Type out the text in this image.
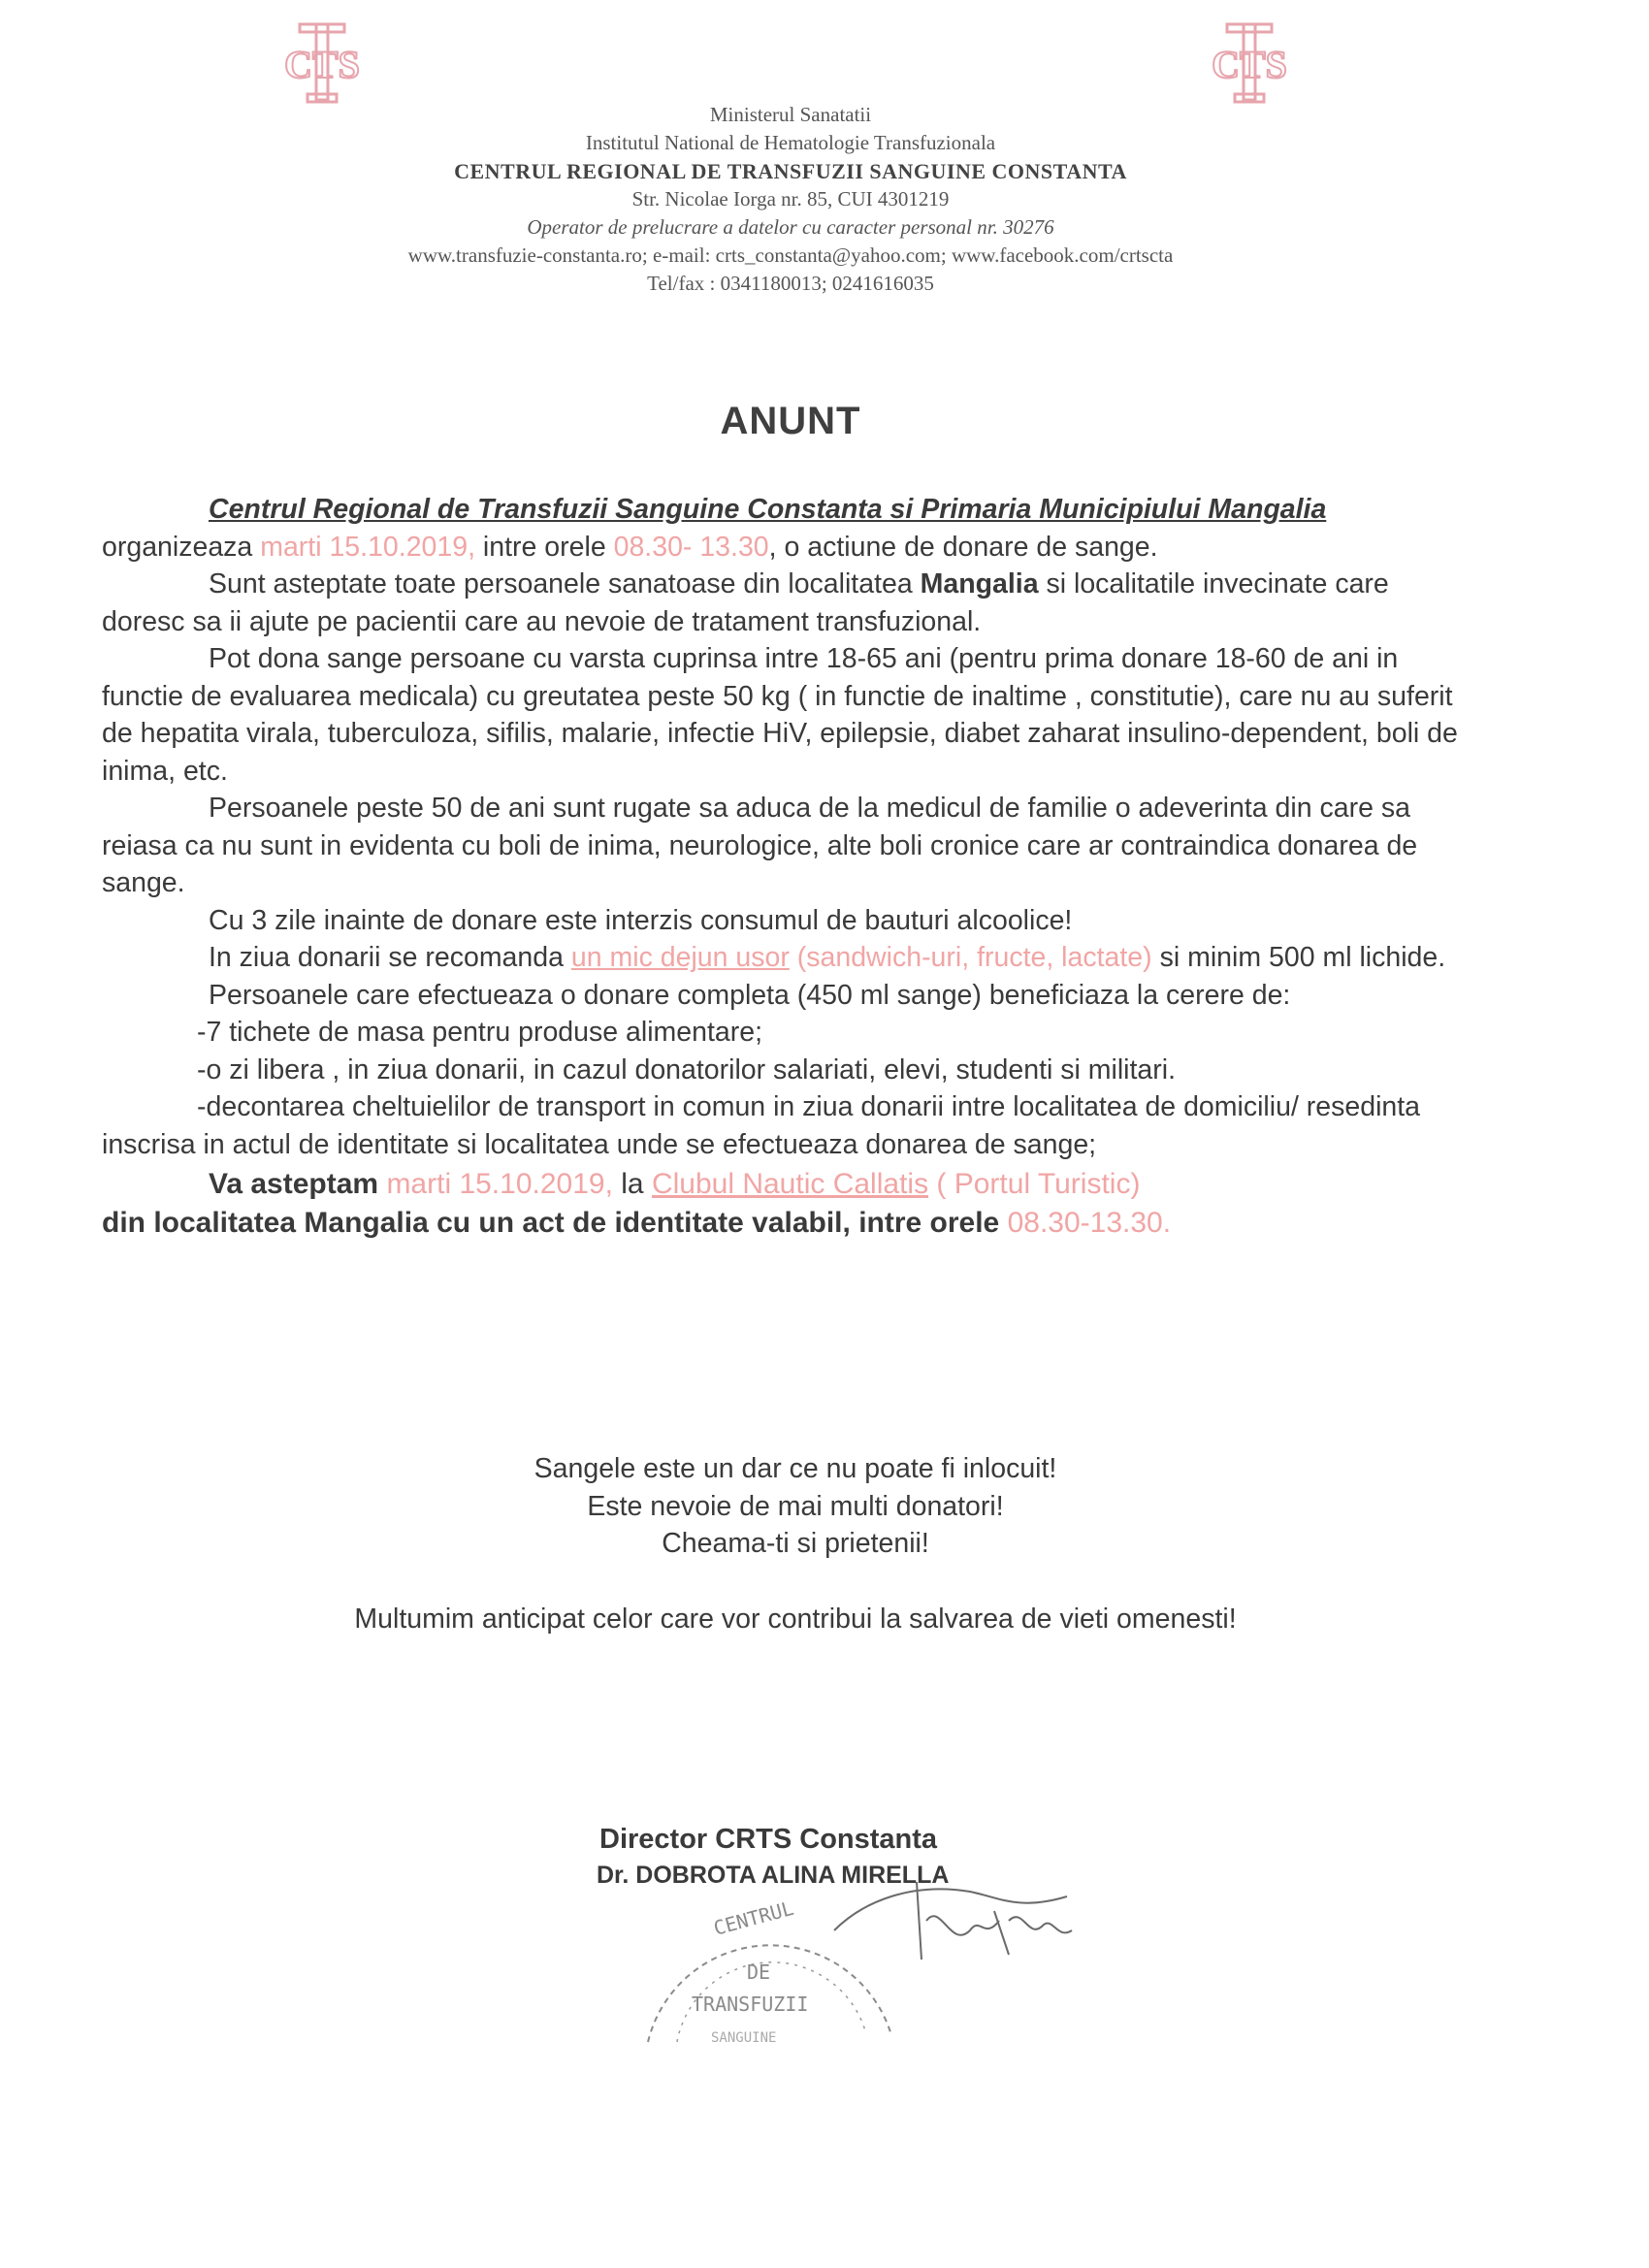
CTS	CTS
Ministerul Sanatatii
Institutul National de Hematologie Transfuzionala
CENTRUL REGIONAL DE TRANSFUZII SANGUINE CONSTANTA
Str. Nicolae Iorga nr. 85, CUI 4301219
Operator de prelucrare a datelor cu caracter personal nr. 30276
www.transfuzie-constanta.ro; e-mail: crts_constanta@yahoo.com; www.facebook.com/crtscta
Tel/fax : 0341180013; 0241616035
ANUNT

Centrul Regional de Transfuzii Sanguine Constanta si Primaria Municipiului Mangalia organizeaza marti 15.10.2019, intre orele 08.30- 13.30, o actiune de donare de sange.

Sunt asteptate toate persoanele sanatoase din localitatea Mangalia si localitatile invecinate care doresc sa ii ajute pe pacientii care au nevoie de tratament transfuzional.

Pot dona sange persoane cu varsta cuprinsa intre 18-65 ani (pentru prima donare 18-60 de ani in functie de evaluarea medicala) cu greutatea peste 50 kg ( in functie de inaltime , constitutie), care nu au suferit de hepatita virala, tuberculoza, sifilis, malarie, infectie HiV, epilepsie, diabet zaharat insulino-dependent, boli de inima, etc.

Persoanele peste 50 de ani sunt rugate sa aduca de la medicul de familie o adeverinta din care sa reiasa ca nu sunt in evidenta cu boli de inima, neurologice, alte boli cronice care ar contraindica donarea de sange.

Cu 3 zile inainte de donare este interzis consumul de bauturi alcoolice!

In ziua donarii se recomanda un mic dejun usor (sandwich-uri, fructe, lactate) si minim 500 ml lichide.

Persoanele care efectueaza o donare completa (450 ml sange) beneficiaza la cerere de:

-7 tichete de masa pentru produse alimentare;

-o zi libera , in ziua donarii, in cazul donatorilor salariati, elevi, studenti si militari.

-decontarea cheltuielilor de transport in comun in ziua donarii intre localitatea de domiciliu/ resedinta inscrisa in actul de identitate si localitatea unde se efectueaza donarea de sange;

Va asteptam marti 15.10.2019, la Clubul Nautic Callatis ( Portul Turistic)
din localitatea Mangalia cu un act de identitate valabil, intre orele 08.30-13.30.

Sangele este un dar ce nu poate fi inlocuit!
Este nevoie de mai multi donatori!
Cheama-ti si prietenii!
Multumim anticipat celor care vor contribui la salvarea de vieti omenesti!
Director CRTS Constanta
Dr. DOBROTA ALINA MIRELLA
CENTRUL
DE
TRANSFUZII
SANGUINE
